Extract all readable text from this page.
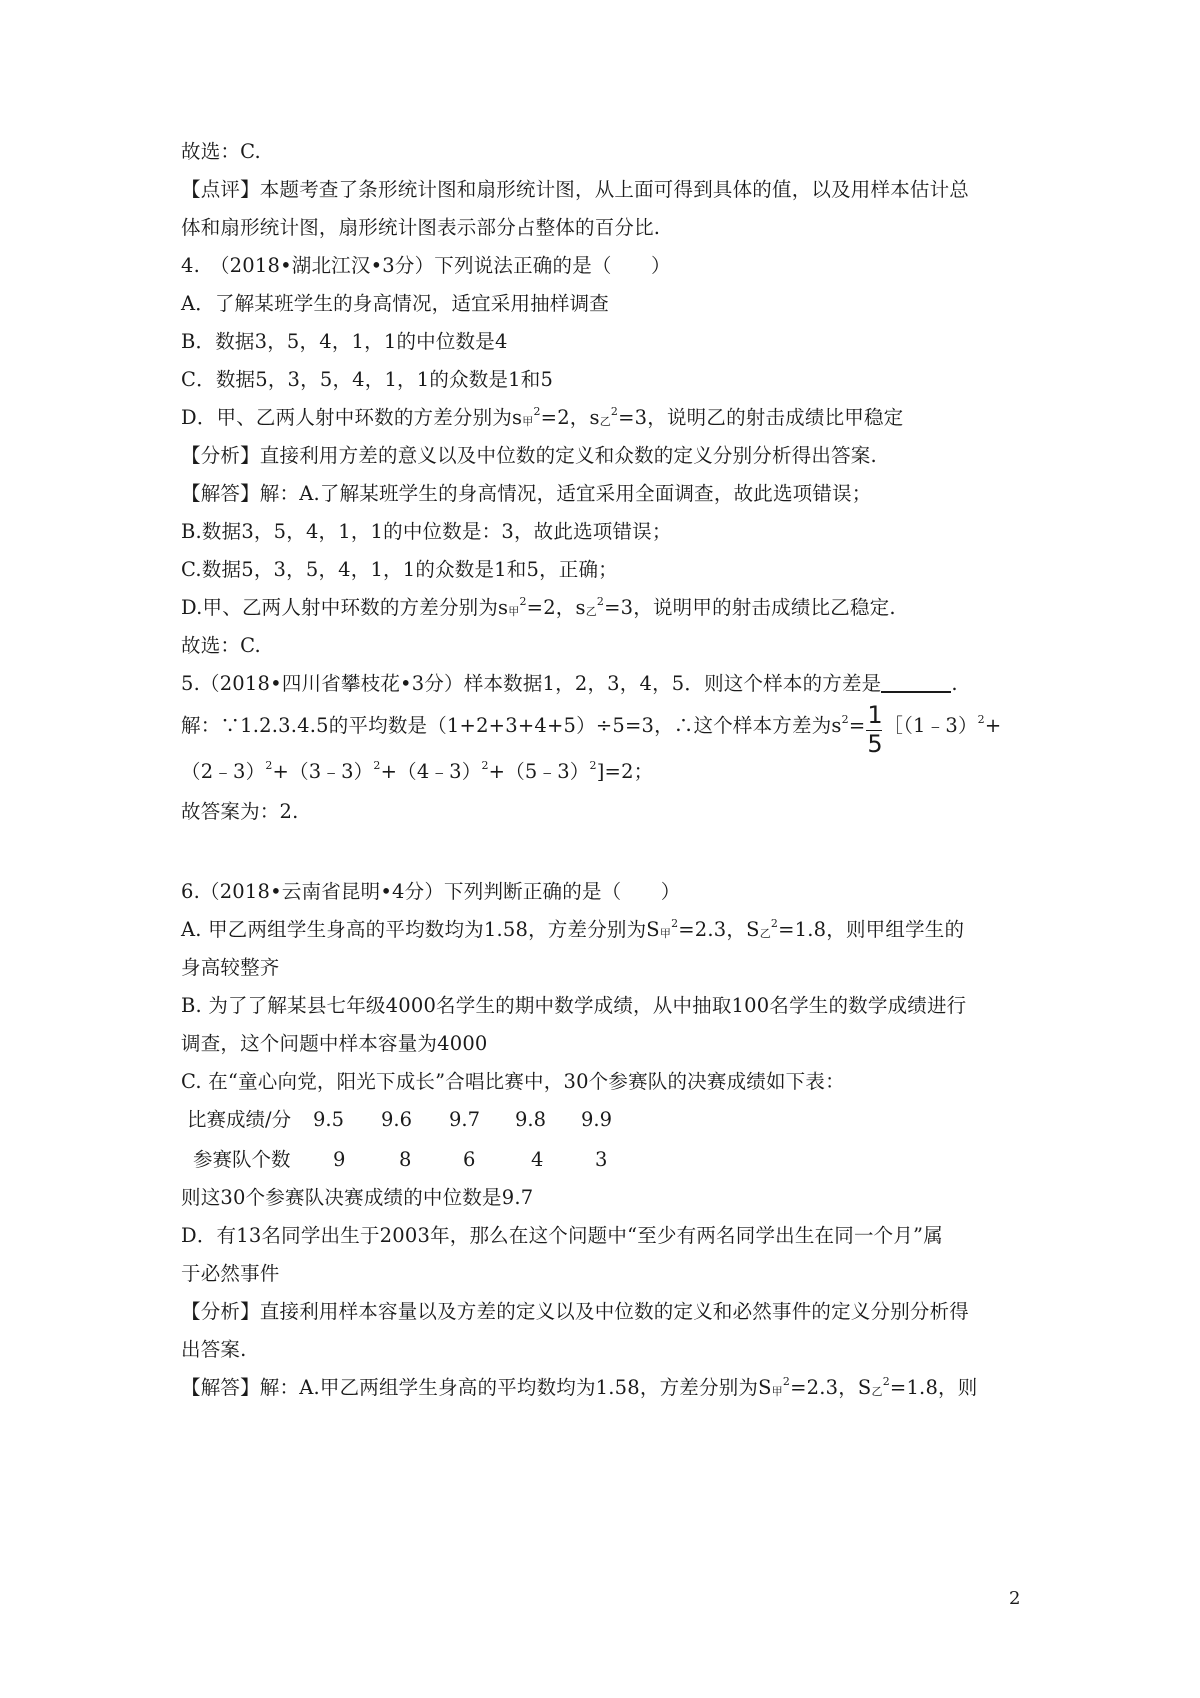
故选：C.
【点评】本题考查了条形统计图和扇形统计图，从上面可得到具体的值，以及用样本估计总
体和扇形统计图，扇形统计图表示部分占整体的百分比.
4.　（2018•湖北江汉•3分）下列说法正确的是（　　）
A．了解某班学生的身高情况，适宜采用抽样调查
B．数据3，5，4，1，1的中位数是4
C．数据5，3，5，4，1，1的众数是1和5
D．甲、乙两人射中环数的方差分别为$s_甲^2=2$，$s_乙^2=3$，说明乙的射击成绩比甲稳定
【分析】直接利用方差的意义以及中位数的定义和众数的定义分别分析得出答案.
【解答】解：A.了解某班学生的身高情况，适宜采用全面调查，故此选项错误；
B.数据3，5，4，1，1的中位数是：3，故此选项错误；
C.数据5，3，5，4，1，1的众数是1和5，正确；
D.甲、乙两人射中环数的方差分别为$s_甲^2=2$，$s_乙^2=3$，说明甲的射击成绩比乙稳定.
故选：C.
5.（2018•四川省攀枝花•3分）样本数据1，2，3，4，5．则这个样本的方差是	.
解：∵1.2.3.4.5的平均数是（1+2+3+4+5）÷5=3，∴这个样本方差为$s^2= \frac{1}{5}$ ［（1﹣3）$^2$+
（2﹣3）$^2$+（3﹣3）$^2$+（4﹣3）$^2$+（5﹣3）$^2$]=2；
故答案为：2.
6.（2018•云南省昆明•4分）下列判断正确的是（　　）
A. 甲乙两组学生身高的平均数均为1.58，方差分别为$S_甲^2=2.3$，$S_乙^2=1.8$，则甲组学生的
身高较整齐
B. 为了了解某县七年级4000名学生的期中数学成绩，从中抽取100名学生的数学成绩进行
调查，这个问题中样本容量为4000
C. 在“童心向党，阳光下成长”合唱比赛中，30个参赛队的决赛成绩如下表：
比赛成绩/分 9.5 9.6 9.7 9.8 9.9
参赛队个数 9	8	6	4	3
则这30个参赛队决赛成绩的中位数是9.7
D．有13名同学出生于2003年，那么在这个问题中“至少有两名同学出生在同一个月”属
于必然事件
【分析】直接利用样本容量以及方差的定义以及中位数的定义和必然事件的定义分别分析得
出答案.
【解答】解：A.甲乙两组学生身高的平均数均为1.58，方差分别为$S_甲^2=2.3$，$S_乙^2=1.8$，则
2
